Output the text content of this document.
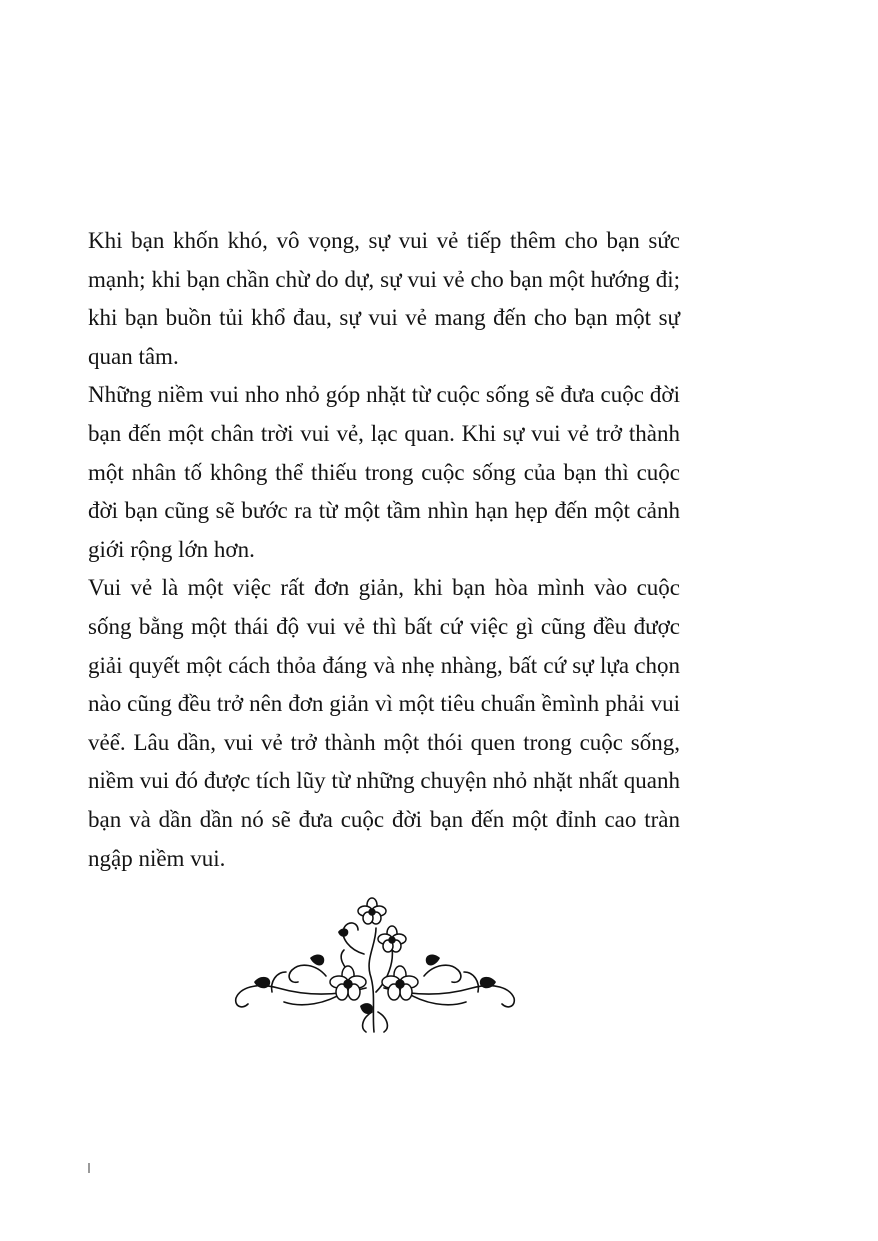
Khi bạn khốn khó, vô vọng, sự vui vẻ tiếp thêm cho bạn sức mạnh; khi bạn chần chừ do dự, sự vui vẻ cho bạn một hướng đi; khi bạn buồn tủi khổ đau, sự vui vẻ mang đến cho bạn một sự quan tâm.

Những niềm vui nho nhỏ góp nhặt từ cuộc sống sẽ đưa cuộc đời bạn đến một chân trời vui vẻ, lạc quan. Khi sự vui vẻ trở thành một nhân tố không thể thiếu trong cuộc sống của bạn thì cuộc đời bạn cũng sẽ bước ra từ một tầm nhìn hạn hẹp đến một cảnh giới rộng lớn hơn.

Vui vẻ là một việc rất đơn giản, khi bạn hòa mình vào cuộc sống bằng một thái độ vui vẻ thì bất cứ việc gì cũng đều được giải quyết một cách thỏa đáng và nhẹ nhàng, bất cứ sự lựa chọn nào cũng đều trở nên đơn giản vì một tiêu chuẩn ềmình phải vui vẻể. Lâu dần, vui vẻ trở thành một thói quen trong cuộc sống, niềm vui đó được tích lũy từ những chuyện nhỏ nhặt nhất quanh bạn và dần dần nó sẽ đưa cuộc đời bạn đến một đỉnh cao tràn ngập niềm vui.
